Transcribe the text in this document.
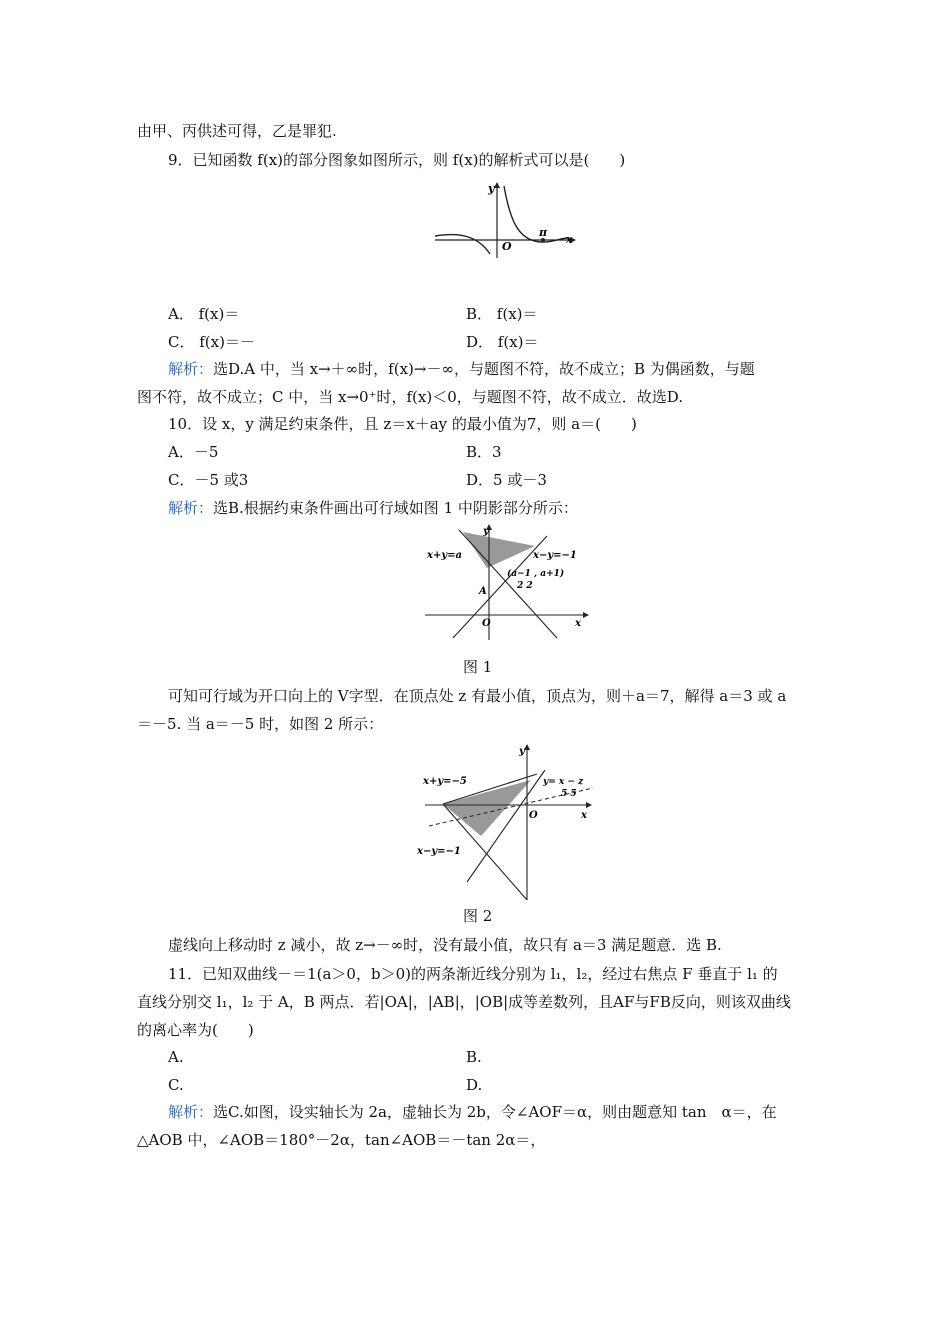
由甲、丙供述可得，乙是罪犯.
9．已知函数 f(x)的部分图象如图所示，则 f(x)的解析式可以是(　　)
y
x
O
π
A． f(x)＝	B． f(x)＝
C． f(x)＝－	D． f(x)＝
解析：选D.A 中，当 x→＋∞时，f(x)→－∞，与题图不符，故不成立；B 为偶函数，与题
图不符，故不成立；C 中，当 x→0⁺时，f(x)＜0，与题图不符，故不成立．故选D.
10．设 x，y 满足约束条件，且 z＝x＋ay 的最小值为7，则 a＝(　　)
A．－5	B．3
C．－5 或3	D．5 或－3
解析：选B.根据约束条件画出可行域如图 1 中阴影部分所示：
y
x
O
A
x+y=a	x−y=−1
(a−1 , a+1)
2 2
图 1
可知可行域为开口向上的 V字型．在顶点处 z 有最小值，顶点为，则＋a＝7，解得 a＝3 或 a
＝－5. 当 a＝－5 时，如图 2 所示：
y
x
O
x+y=−5
x−y=−1
y= x − z
5 5
图 2
虚线向上移动时 z 减小，故 z→－∞时，没有最小值，故只有 a＝3 满足题意．选 B.
11．已知双曲线－＝1(a＞0，b＞0)的两条渐近线分别为 l₁，l₂，经过右焦点 F 垂直于 l₁ 的
直线分别交 l₁，l₂ 于 A，B 两点．若|OA|，|AB|，|OB|成等差数列，且AF与FB反向，则该双曲线
的离心率为(　　)
A.	B.
C.	D.
解析：选C.如图，设实轴长为 2a，虚轴长为 2b，令∠AOF＝α，则由题意知 tan　α＝，在
△AOB 中，∠AOB＝180°－2α，tan∠AOB＝－tan 2α＝，
